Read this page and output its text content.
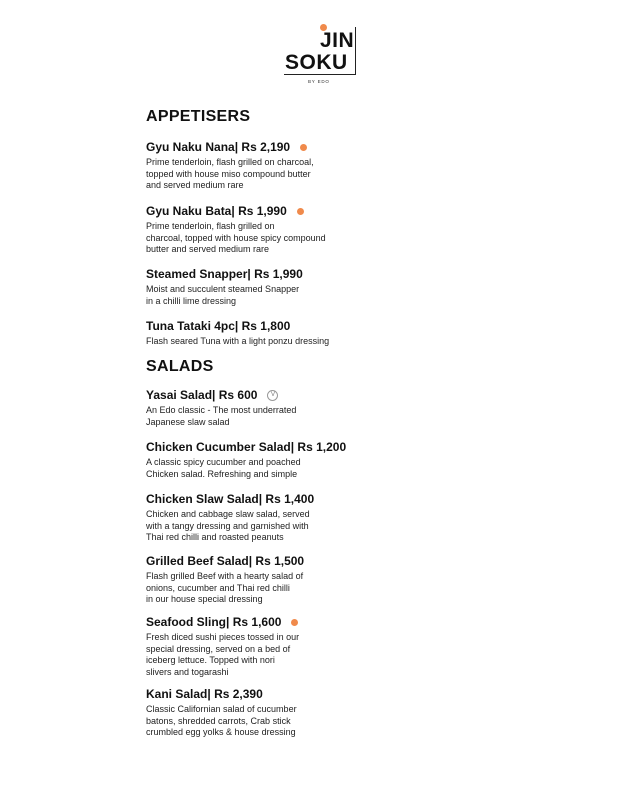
JIN
SOKU
BY EDO
APPETISERS
Gyu Naku Nana | Rs 2,190
Prime tenderloin, flash grilled on charcoal,
topped with house miso compound butter
and served medium rare
Gyu Naku Bata | Rs 1,990
Prime tenderloin, flash grilled on
charcoal, topped with house spicy compound
butter and served medium rare
Steamed Snapper | Rs 1,990
Moist and succulent steamed Snapper
in a chilli lime dressing
Tuna Tataki 4pc | Rs 1,800
Flash seared Tuna with a light ponzu dressing
SALADS
Yasai Salad | Rs 600	V
An Edo classic - The most underrated
Japanese slaw salad
Chicken Cucumber Salad | Rs 1,200
A classic spicy cucumber and poached
Chicken salad. Refreshing and simple
Chicken Slaw Salad | Rs 1,400
Chicken and cabbage slaw salad, served
with a tangy dressing and garnished with
Thai red chilli and roasted peanuts
Grilled Beef Salad | Rs 1,500
Flash grilled Beef with a hearty salad of
onions, cucumber and Thai red chilli
in our house special dressing
Seafood Sling | Rs 1,600
Fresh diced sushi pieces tossed in our
special dressing, served on a bed of
iceberg lettuce. Topped with nori
slivers and togarashi
Kani Salad | Rs 2,390
Classic Californian salad of cucumber
batons, shredded carrots, Crab stick
crumbled egg yolks & house dressing
